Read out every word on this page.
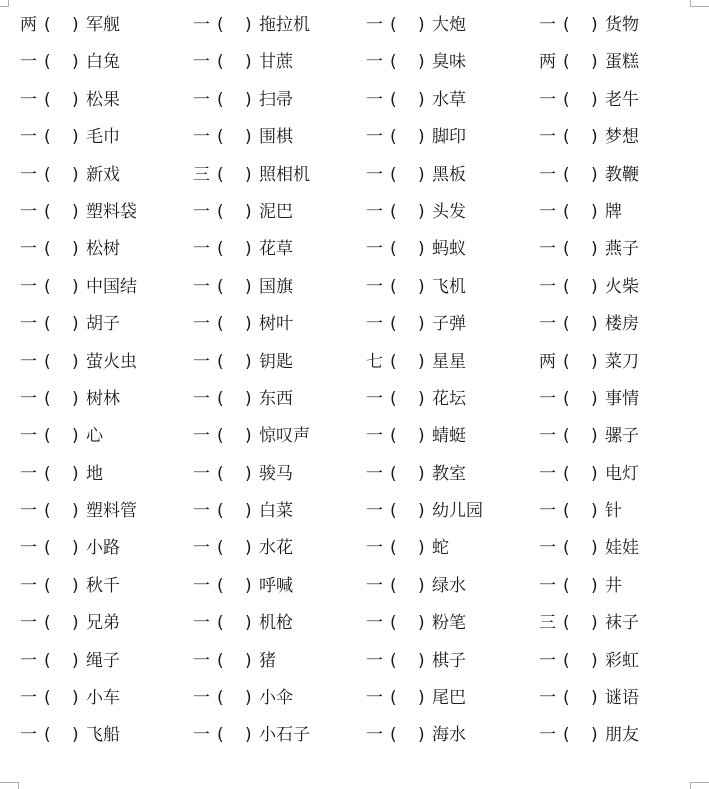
两 ( ) 军舰	一 ( ) 拖拉机	一 ( ) 大炮	一 ( ) 货物
一 ( ) 白兔	一 ( ) 甘蔗	一 ( ) 臭味	两 ( ) 蛋糕
一 ( ) 松果	一 ( ) 扫帚	一 ( ) 水草	一 ( ) 老牛
一 ( ) 毛巾	一 ( ) 围棋	一 ( ) 脚印	一 ( ) 梦想
一 ( ) 新戏	三 ( ) 照相机	一 ( ) 黑板	一 ( ) 教鞭
一 ( ) 塑料袋	一 ( ) 泥巴	一 ( ) 头发	一 ( ) 牌
一 ( ) 松树	一 ( ) 花草	一 ( ) 蚂蚁	一 ( ) 燕子
一 ( ) 中国结	一 ( ) 国旗	一 ( ) 飞机	一 ( ) 火柴
一 ( ) 胡子	一 ( ) 树叶	一 ( ) 子弹	一 ( ) 楼房
一 ( ) 萤火虫	一 ( ) 钥匙	七 ( ) 星星	两 ( ) 菜刀
一 ( ) 树林	一 ( ) 东西	一 ( ) 花坛	一 ( ) 事情
一 ( ) 心	一 ( ) 惊叹声	一 ( ) 蜻蜓	一 ( ) 骡子
一 ( ) 地	一 ( ) 骏马	一 ( ) 教室	一 ( ) 电灯
一 ( ) 塑料管	一 ( ) 白菜	一 ( ) 幼儿园	一 ( ) 针
一 ( ) 小路	一 ( ) 水花	一 ( ) 蛇	一 ( ) 娃娃
一 ( ) 秋千	一 ( ) 呼喊	一 ( ) 绿水	一 ( ) 井
一 ( ) 兄弟	一 ( ) 机枪	一 ( ) 粉笔	三 ( ) 袜子
一 ( ) 绳子	一 ( ) 猪	一 ( ) 棋子	一 ( ) 彩虹
一 ( ) 小车	一 ( ) 小伞	一 ( ) 尾巴	一 ( ) 谜语
一 ( ) 飞船	一 ( ) 小石子	一 ( ) 海水	一 ( ) 朋友
